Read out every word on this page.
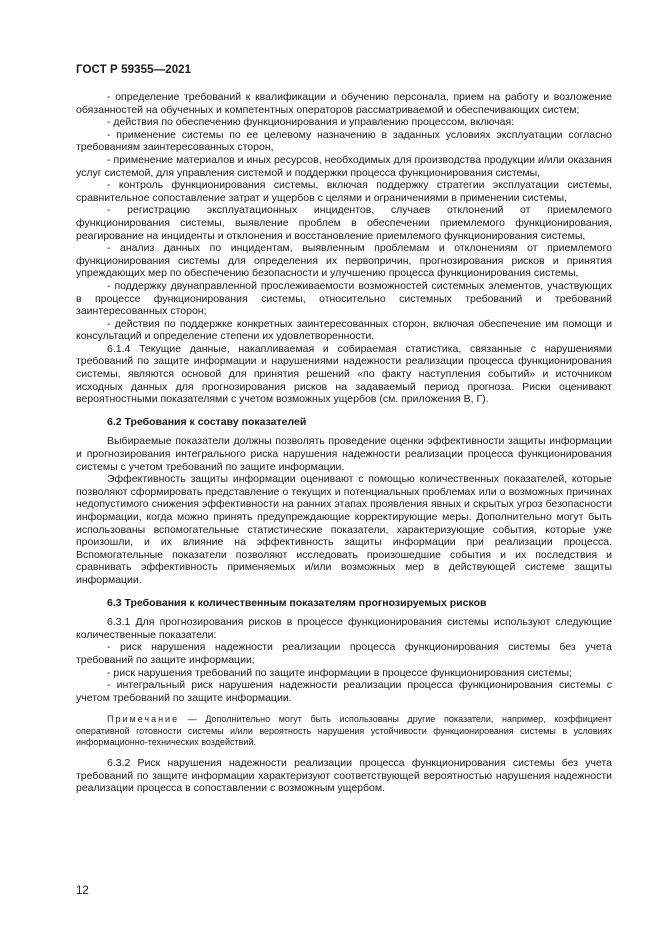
ГОСТ Р 59355—2021

- определение требований к квалификации и обучению персонала, прием на работу и возложение обязанностей на обученных и компетентных операторов рассматриваемой и обеспечивающих систем;

- действия по обеспечению функционирования и управлению процессом, включая:

- применение системы по ее целевому назначению в заданных условиях эксплуатации согласно требованиям заинтересованных сторон,

- применение материалов и иных ресурсов, необходимых для производства продукции и/или оказания услуг системой, для управления системой и поддержки процесса функционирования системы,

- контроль функционирования системы, включая поддержку стратегии эксплуатации системы, сравнительное сопоставление затрат и ущербов с целями и ограничениями в применении системы,

- регистрацию эксплуатационных инцидентов, случаев отклонений от приемлемого функционирования системы, выявление проблем в обеспечении приемлемого функционирования, реагирование на инциденты и отклонения и восстановление приемлемого функционирования системы,

- анализ данных по инцидентам, выявленным проблемам и отклонениям от приемлемого функционирования системы для определения их первопричин, прогнозирования рисков и принятия упреждающих мер по обеспечению безопасности и улучшению процесса функционирования системы,

- поддержку двунаправленной прослеживаемости возможностей системных элементов, участвующих в процессе функционирования системы, относительно системных требований и требований заинтересованных сторон;

- действия по поддержке конкретных заинтересованных сторон, включая обеспечение им помощи и консультаций и определение степени их удовлетворенности.

6.1.4 Текущие данные, накапливаемая и собираемая статистика, связанные с нарушениями требований по защите информации и нарушениями надежности реализации процесса функционирования системы, являются основой для принятия решений «по факту наступления событий» и источником исходных данных для прогнозирования рисков на задаваемый период прогноза. Риски оценивают вероятностными показателями с учетом возможных ущербов (см. приложения В, Г).

6.2 Требования к составу показателей

Выбираемые показатели должны позволять проведение оценки эффективности защиты информации и прогнозирования интегрального риска нарушения надежности реализации процесса функционирования системы с учетом требований по защите информации.

Эффективность защиты информации оценивают с помощью количественных показателей, которые позволяют сформировать представление о текущих и потенциальных проблемах или о возможных причинах недопустимого снижения эффективности на ранних этапах проявления явных и скрытых угроз безопасности информации, когда можно принять предупреждающие корректирующие меры. Дополнительно могут быть использованы вспомогательные статистические показатели, характеризующие события, которые уже произошли, и их влияние на эффективность защиты информации при реализации процесса. Вспомогательные показатели позволяют исследовать произошедшие события и их последствия и сравнивать эффективность применяемых и/или возможных мер в действующей системе защиты информации.

6.3 Требования к количественным показателям прогнозируемых рисков

6.3.1 Для прогнозирования рисков в процессе функционирования системы используют следующие количественные показатели:

- риск нарушения надежности реализации процесса функционирования системы без учета требований по защите информации;

- риск нарушения требований по защите информации в процессе функционирования системы;

- интегральный риск нарушения надежности реализации процесса функционирования системы с учетом требований по защите информации.

Примечание — Дополнительно могут быть использованы другие показатели, например, коэффициент оперативной готовности системы и/или вероятность нарушения устойчивости функционирования системы в условиях информационно-технических воздействий.

6.3.2 Риск нарушения надежности реализации процесса функционирования системы без учета требований по защите информации характеризуют соответствующей вероятностью нарушения надежности реализации процесса в сопоставлении с возможным ущербом.

12
